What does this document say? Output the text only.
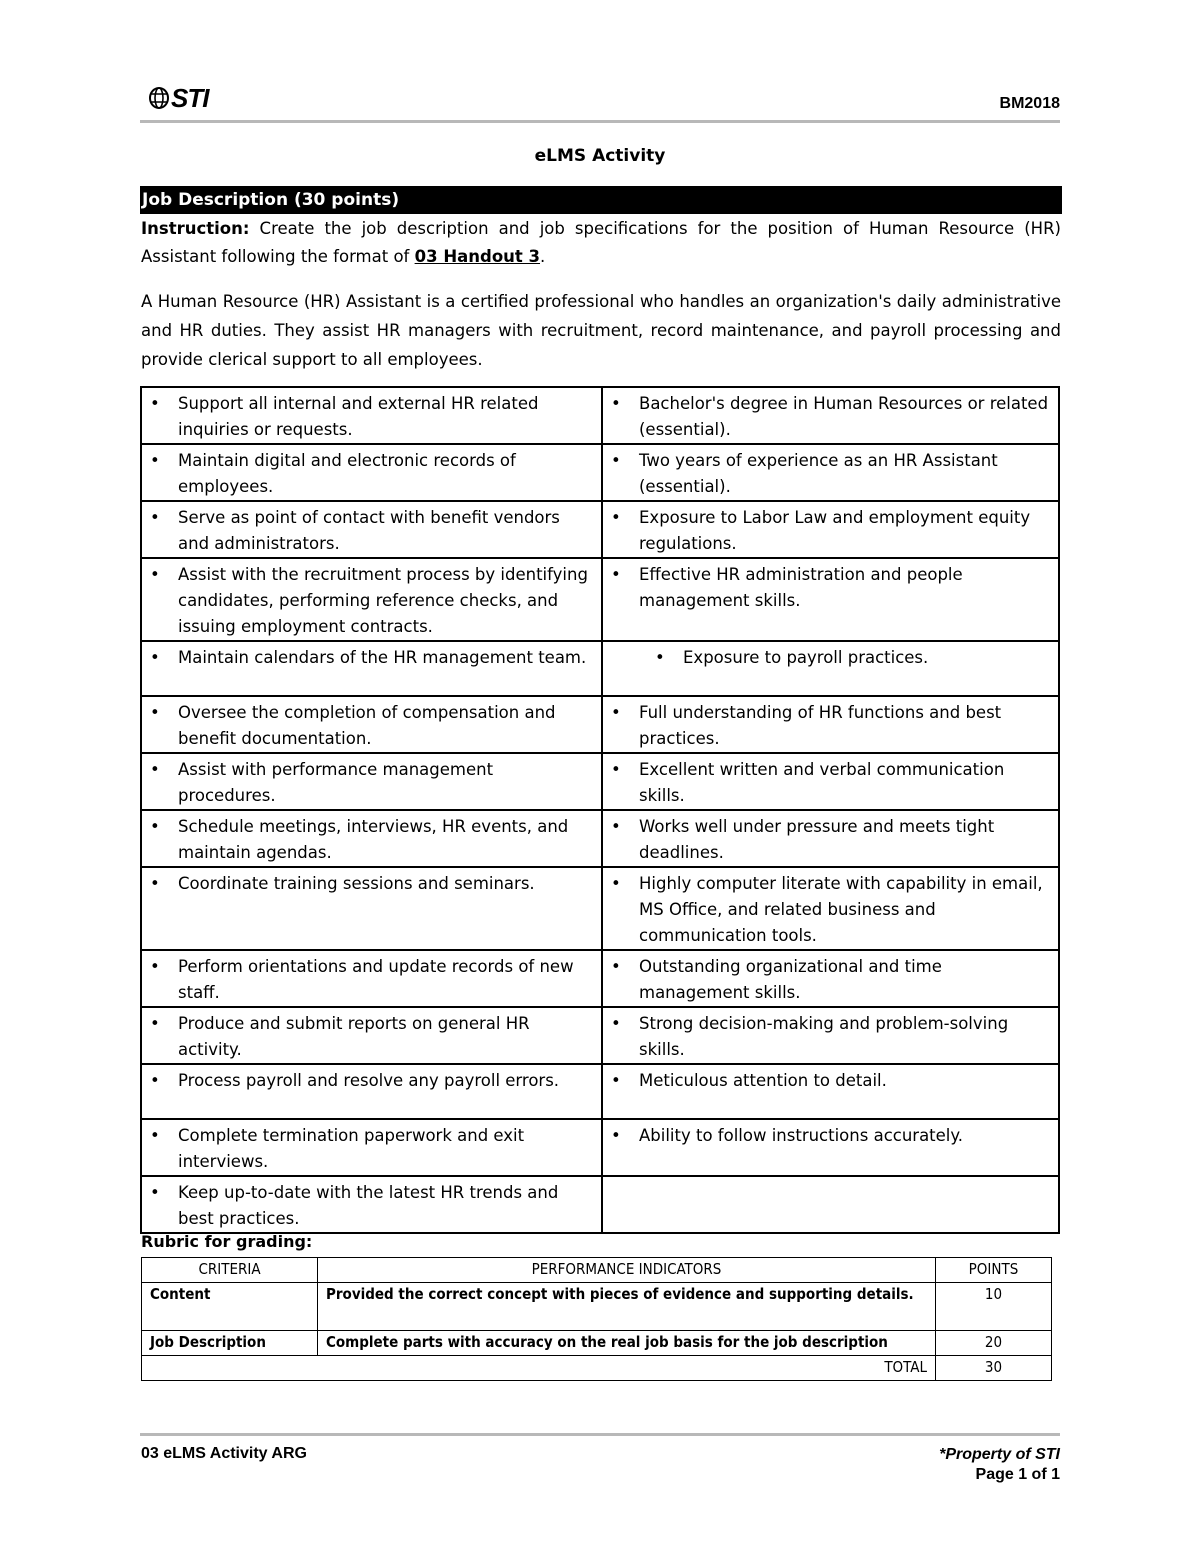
STI	BM2018
eLMS Activity
Job Description (30 points)
Instruction: Create the job description and job specifications for the position of Human Resource (HR) Assistant following the format of 03 Handout 3.
A Human Resource (HR) Assistant is a certified professional who handles an organization's daily administrative and HR duties. They assist HR managers with recruitment, record maintenance, and payroll processing and provide clerical support to all employees.
• Support all internal and external HR related inquiries or requests.	• Bachelor's degree in Human Resources or related (essential).

• Maintain digital and electronic records of employees.	• Two years of experience as an HR Assistant (essential).

• Serve as point of contact with benefit vendors and administrators.	• Exposure to Labor Law and employment equity regulations.

• Assist with the recruitment process by identifying candidates, performing reference checks, and issuing employment contracts.	• Effective HR administration and people management skills.

• Maintain calendars of the HR management team.	• Exposure to payroll practices.

• Oversee the completion of compensation and benefit documentation.	• Full understanding of HR functions and best practices.

• Assist with performance management procedures.	• Excellent written and verbal communication skills.

• Schedule meetings, interviews, HR events, and maintain agendas.	• Works well under pressure and meets tight deadlines.

• Coordinate training sessions and seminars.	• Highly computer literate with capability in email, MS Office, and related business and communication tools.

• Perform orientations and update records of new staff.	• Outstanding organizational and time management skills.

• Produce and submit reports on general HR activity.	• Strong decision-making and problem-solving skills.

• Process payroll and resolve any payroll errors.	• Meticulous attention to detail.

• Complete termination paperwork and exit interviews.	• Ability to follow instructions accurately.

• Keep up-to-date with the latest HR trends and best practices.	

Rubric for grading:
CRITERIA	PERFORMANCE INDICATORS	POINTS
Content	Provided the correct concept with pieces of evidence and supporting details.	10
Job Description	Complete parts with accuracy on the real job basis for the job description	20
TOTAL		30
03 eLMS Activity ARG	*Property of STI
Page 1 of 1
